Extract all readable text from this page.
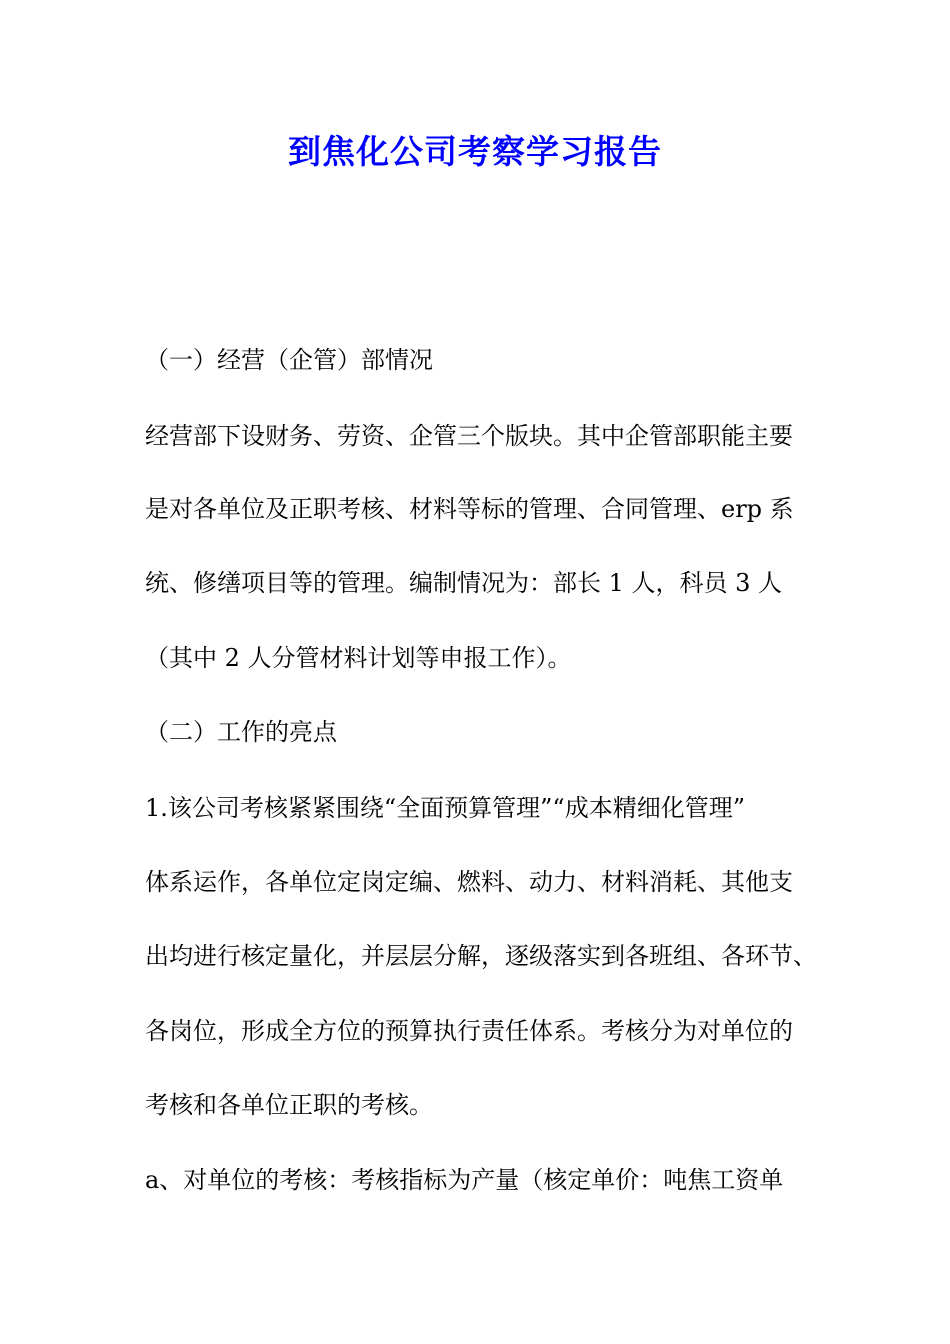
到焦化公司考察学习报告
（一）经营（企管）部情况
经营部下设财务、劳资、企管三个版块。其中企管部职能主要
是对各单位及正职考核、材料等标的管理、合同管理、erp 系
统、修缮项目等的管理。编制情况为：部长 1 人，科员 3 人
（其中 2 人分管材料计划等申报工作）。
（二）工作的亮点
1.该公司考核紧紧围绕“全面预算管理”“成本精细化管理”
体系运作，各单位定岗定编、燃料、动力、材料消耗、其他支
出均进行核定量化，并层层分解，逐级落实到各班组、各环节、
各岗位，形成全方位的预算执行责任体系。考核分为对单位的
考核和各单位正职的考核。
a、对单位的考核：考核指标为产量（核定单价：吨焦工资单
